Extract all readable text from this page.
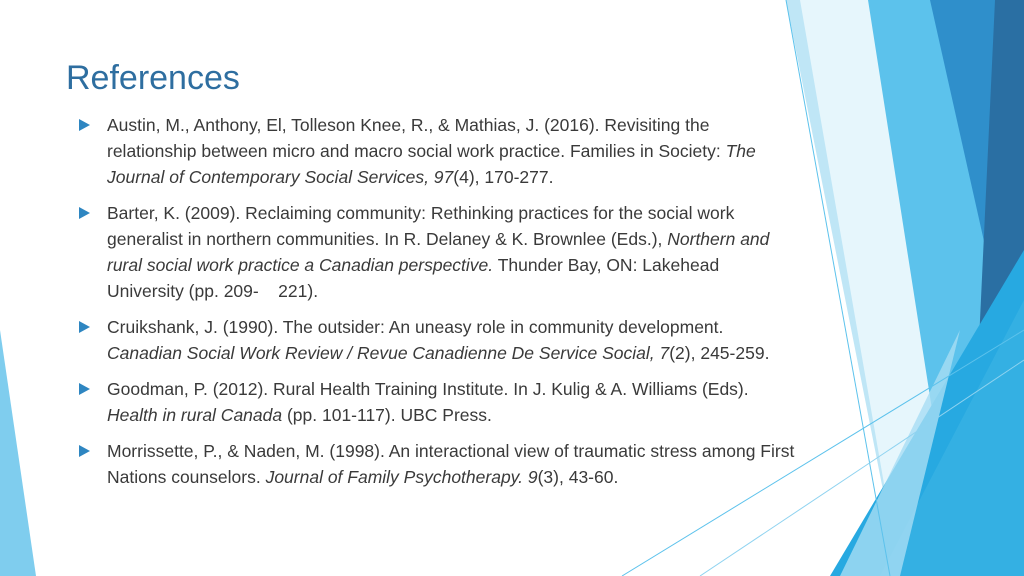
References
Austin, M., Anthony, El, Tolleson Knee, R., & Mathias, J. (2016). Revisiting the relationship between micro and macro social work practice. Families in Society: The Journal of Contemporary Social Services, 97(4), 170-277.
Barter, K. (2009). Reclaiming community: Rethinking practices for the social work generalist in northern communities. In R. Delaney & K. Brownlee (Eds.), Northern and rural social work practice a Canadian perspective. Thunder Bay, ON: Lakehead University (pp. 209-    221).
Cruikshank, J. (1990). The outsider: An uneasy role in community development. Canadian Social Work Review / Revue Canadienne De Service Social, 7(2), 245-259.
Goodman, P. (2012). Rural Health Training Institute. In J. Kulig & A. Williams (Eds). Health in rural Canada (pp. 101-117). UBC Press.
Morrissette, P., & Naden, M. (1998). An interactional view of traumatic stress among First Nations counselors. Journal of Family Psychotherapy. 9(3), 43-60.
